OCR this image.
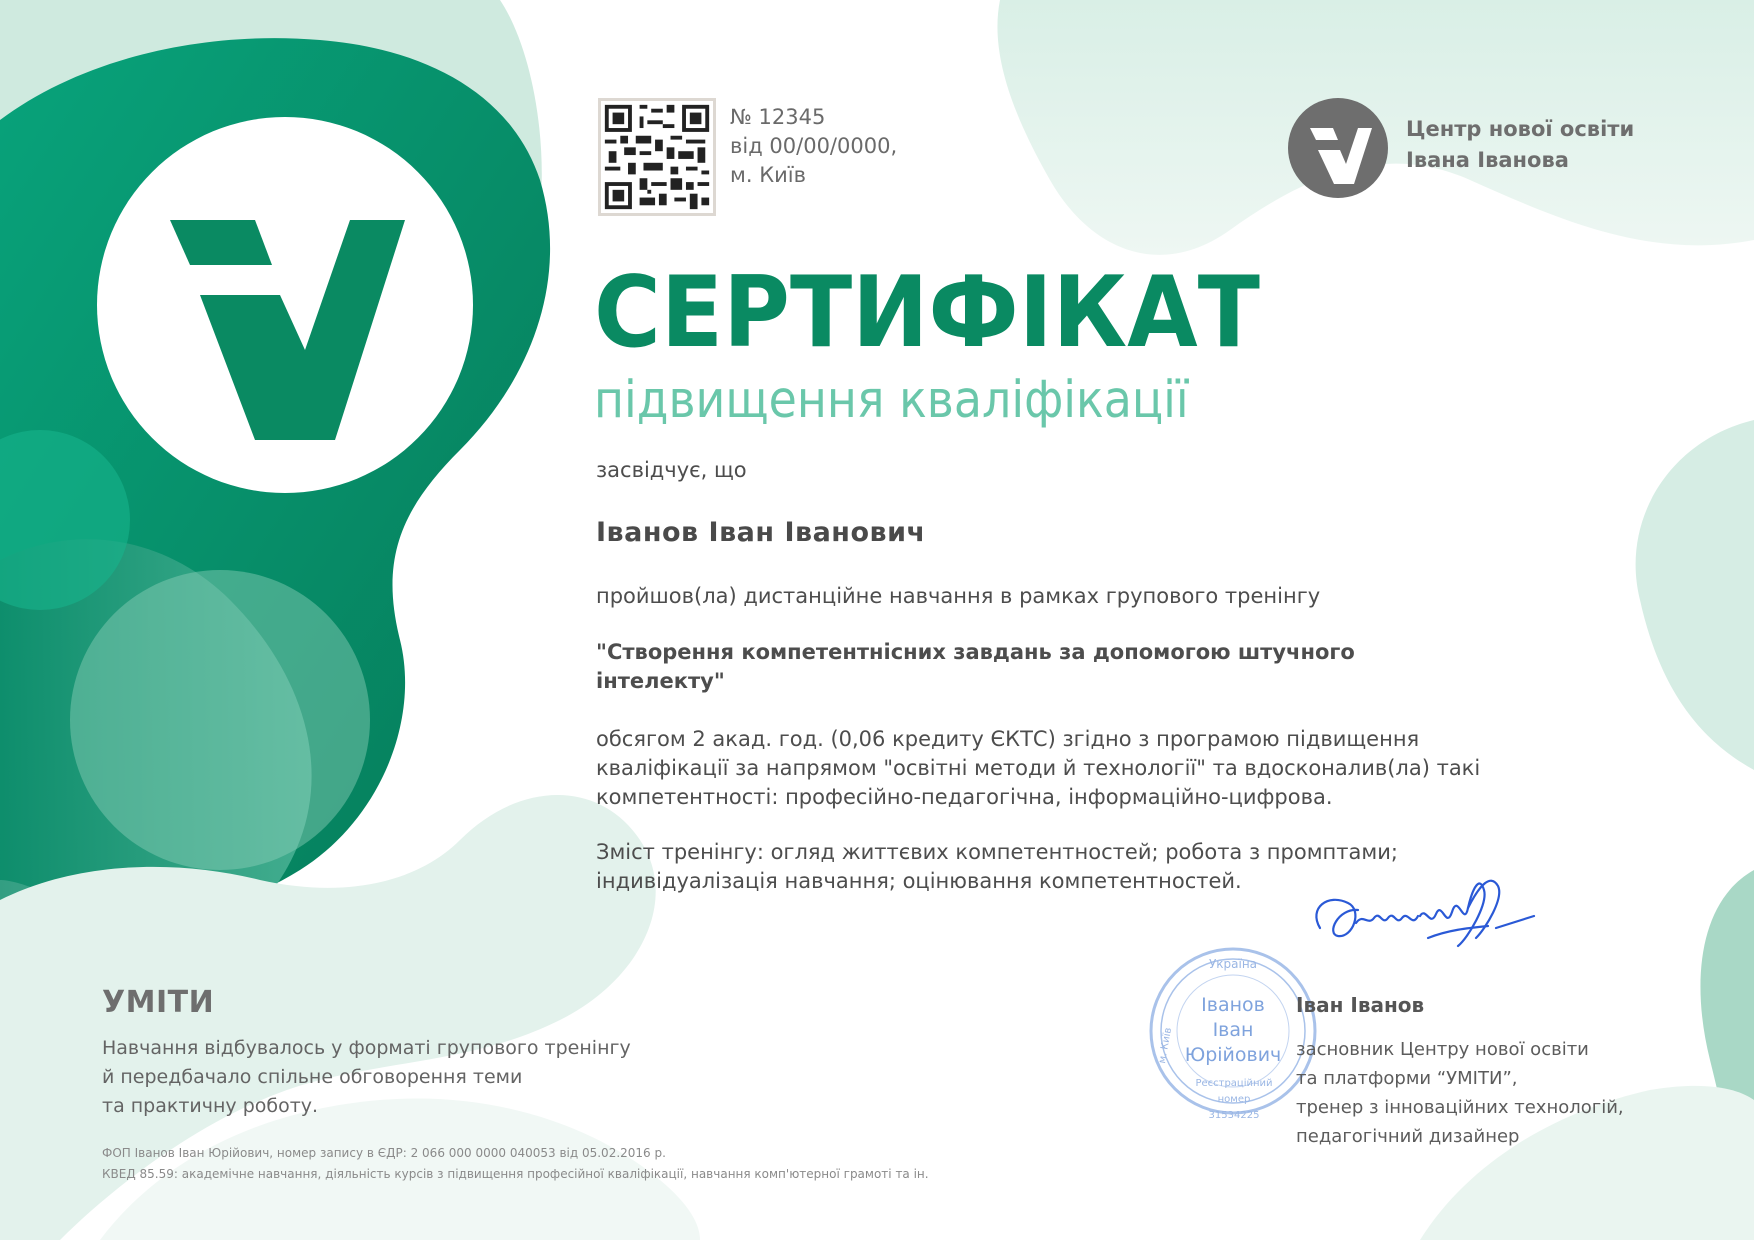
№ 12345
від 00/00/0000,
м. Київ
Центр нової освіти
Івана Іванова
СЕРТИФІКАТ
підвищення кваліфікації
засвідчує, що
Іванов Іван Іванович
пройшов(ла) дистанційне навчання в рамках групового тренінгу
"Створення компетентнісних завдань за допомогою штучного інтелекту"
обсягом 2 акад. год. (0,06 кредиту ЄКТС) згідно з програмою підвищення кваліфікації за напрямом "освітні методи й технології" та вдосконалив(ла) такі компетентності: професійно-педагогічна, інформаційно-цифрова.
Зміст тренінгу: огляд життєвих компетентностей; робота з промптами; індивідуалізація навчання; оцінювання компетентностей.
УМІТИ
Навчання відбувалось у форматі групового тренінгу
й передбачало спільне обговорення теми
та практичну роботу.
ФОП Іванов Іван Юрійович, номер запису в ЄДР: 2 066 000 0000 040053 від 05.02.2016 р.
КВЕД 85.59: академічне навчання, діяльність курсів з підвищення професійної кваліфікації, навчання комп'ютерної грамоті та ін.
Україна
м. Київ
Іванов
Іван
Юрійович
Реєстраційний номер
31534225
Іван Іванов
засновник Центру нової освіти
та платформи “УМІТИ”,
тренер з інноваційних технологій,
педагогічний дизайнер
